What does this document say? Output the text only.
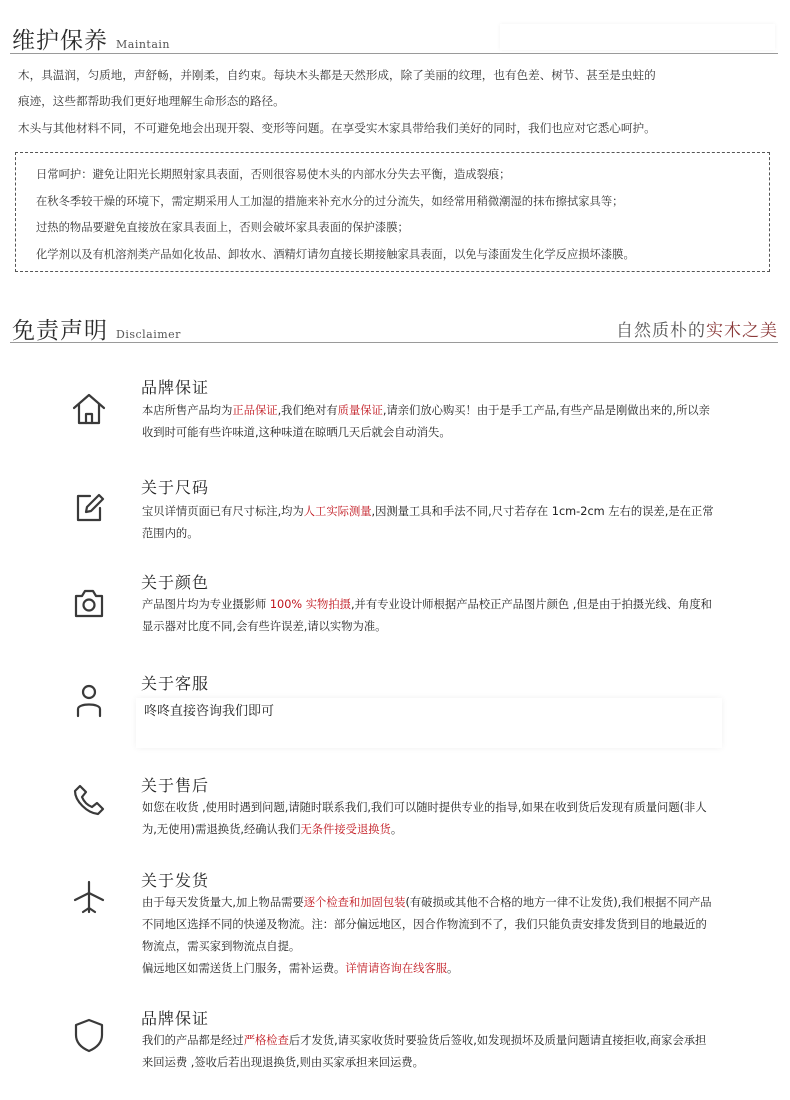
维护保养 Maintain

木，具温润，匀质地，声舒畅，并刚柔，自约束。每块木头都是天然形成，除了美丽的纹理，也有色差、树节、甚至是虫蛀的
痕迹，这些都帮助我们更好地理解生命形态的路径。

木头与其他材料不同，不可避免地会出现开裂、变形等问题。在享受实木家具带给我们美好的同时，我们也应对它悉心呵护。

日常呵护：避免让阳光长期照射家具表面，否则很容易使木头的内部水分失去平衡，造成裂痕；

在秋冬季较干燥的环境下，需定期采用人工加湿的措施来补充水分的过分流失，如经常用稍微潮湿的抹布擦拭家具等；

过热的物品要避免直接放在家具表面上，否则会破坏家具表面的保护漆膜；

化学剂以及有机溶剂类产品如化妆品、卸妆水、酒精灯请勿直接长期接触家具表面，以免与漆面发生化学反应损坏漆膜。

免责声明 Disclaimer	自然质朴的实木之美
品牌保证

本店所售产品均为正品保证,我们绝对有质量保证,请亲们放心购买！由于是手工产品,有些产品是刚做出来的,所以亲收到时可能有些许味道,这种味道在晾晒几天后就会自动消失。

关于尺码

宝贝详情页面已有尺寸标注,均为人工实际测量,因测量工具和手法不同,尺寸若存在 1cm-2cm 左右的误差,是在正常范围内的。

关于颜色

产品图片均为专业摄影师 100% 实物拍摄,并有专业设计师根据产品校正产品图片颜色 ,但是由于拍摄光线、角度和显示器对比度不同,会有些许误差,请以实物为准。

咚咚直接咨询我们即可
关于客服
关于售后

如您在收货 ,使用时遇到问题,请随时联系我们,我们可以随时提供专业的指导,如果在收到货后发现有质量问题(非人为,无使用)需退换货,经确认我们无条件接受退换货。

关于发货

由于每天发货量大,加上物品需要逐个检查和加固包装(有破损或其他不合格的地方一律不让发货),我们根据不同产品不同地区选择不同的快递及物流。注：部分偏远地区，因合作物流到不了，我们只能负责安排发货到目的地最近的物流点，需买家到物流点自提。
偏远地区如需送货上门服务，需补运费。详情请咨询在线客服。

品牌保证

我们的产品都是经过严格检查后才发货,请买家收货时要验货后签收,如发现损坏及质量问题请直接拒收,商家会承担来回运费 ,签收后若出现退换货,则由买家承担来回运费。
